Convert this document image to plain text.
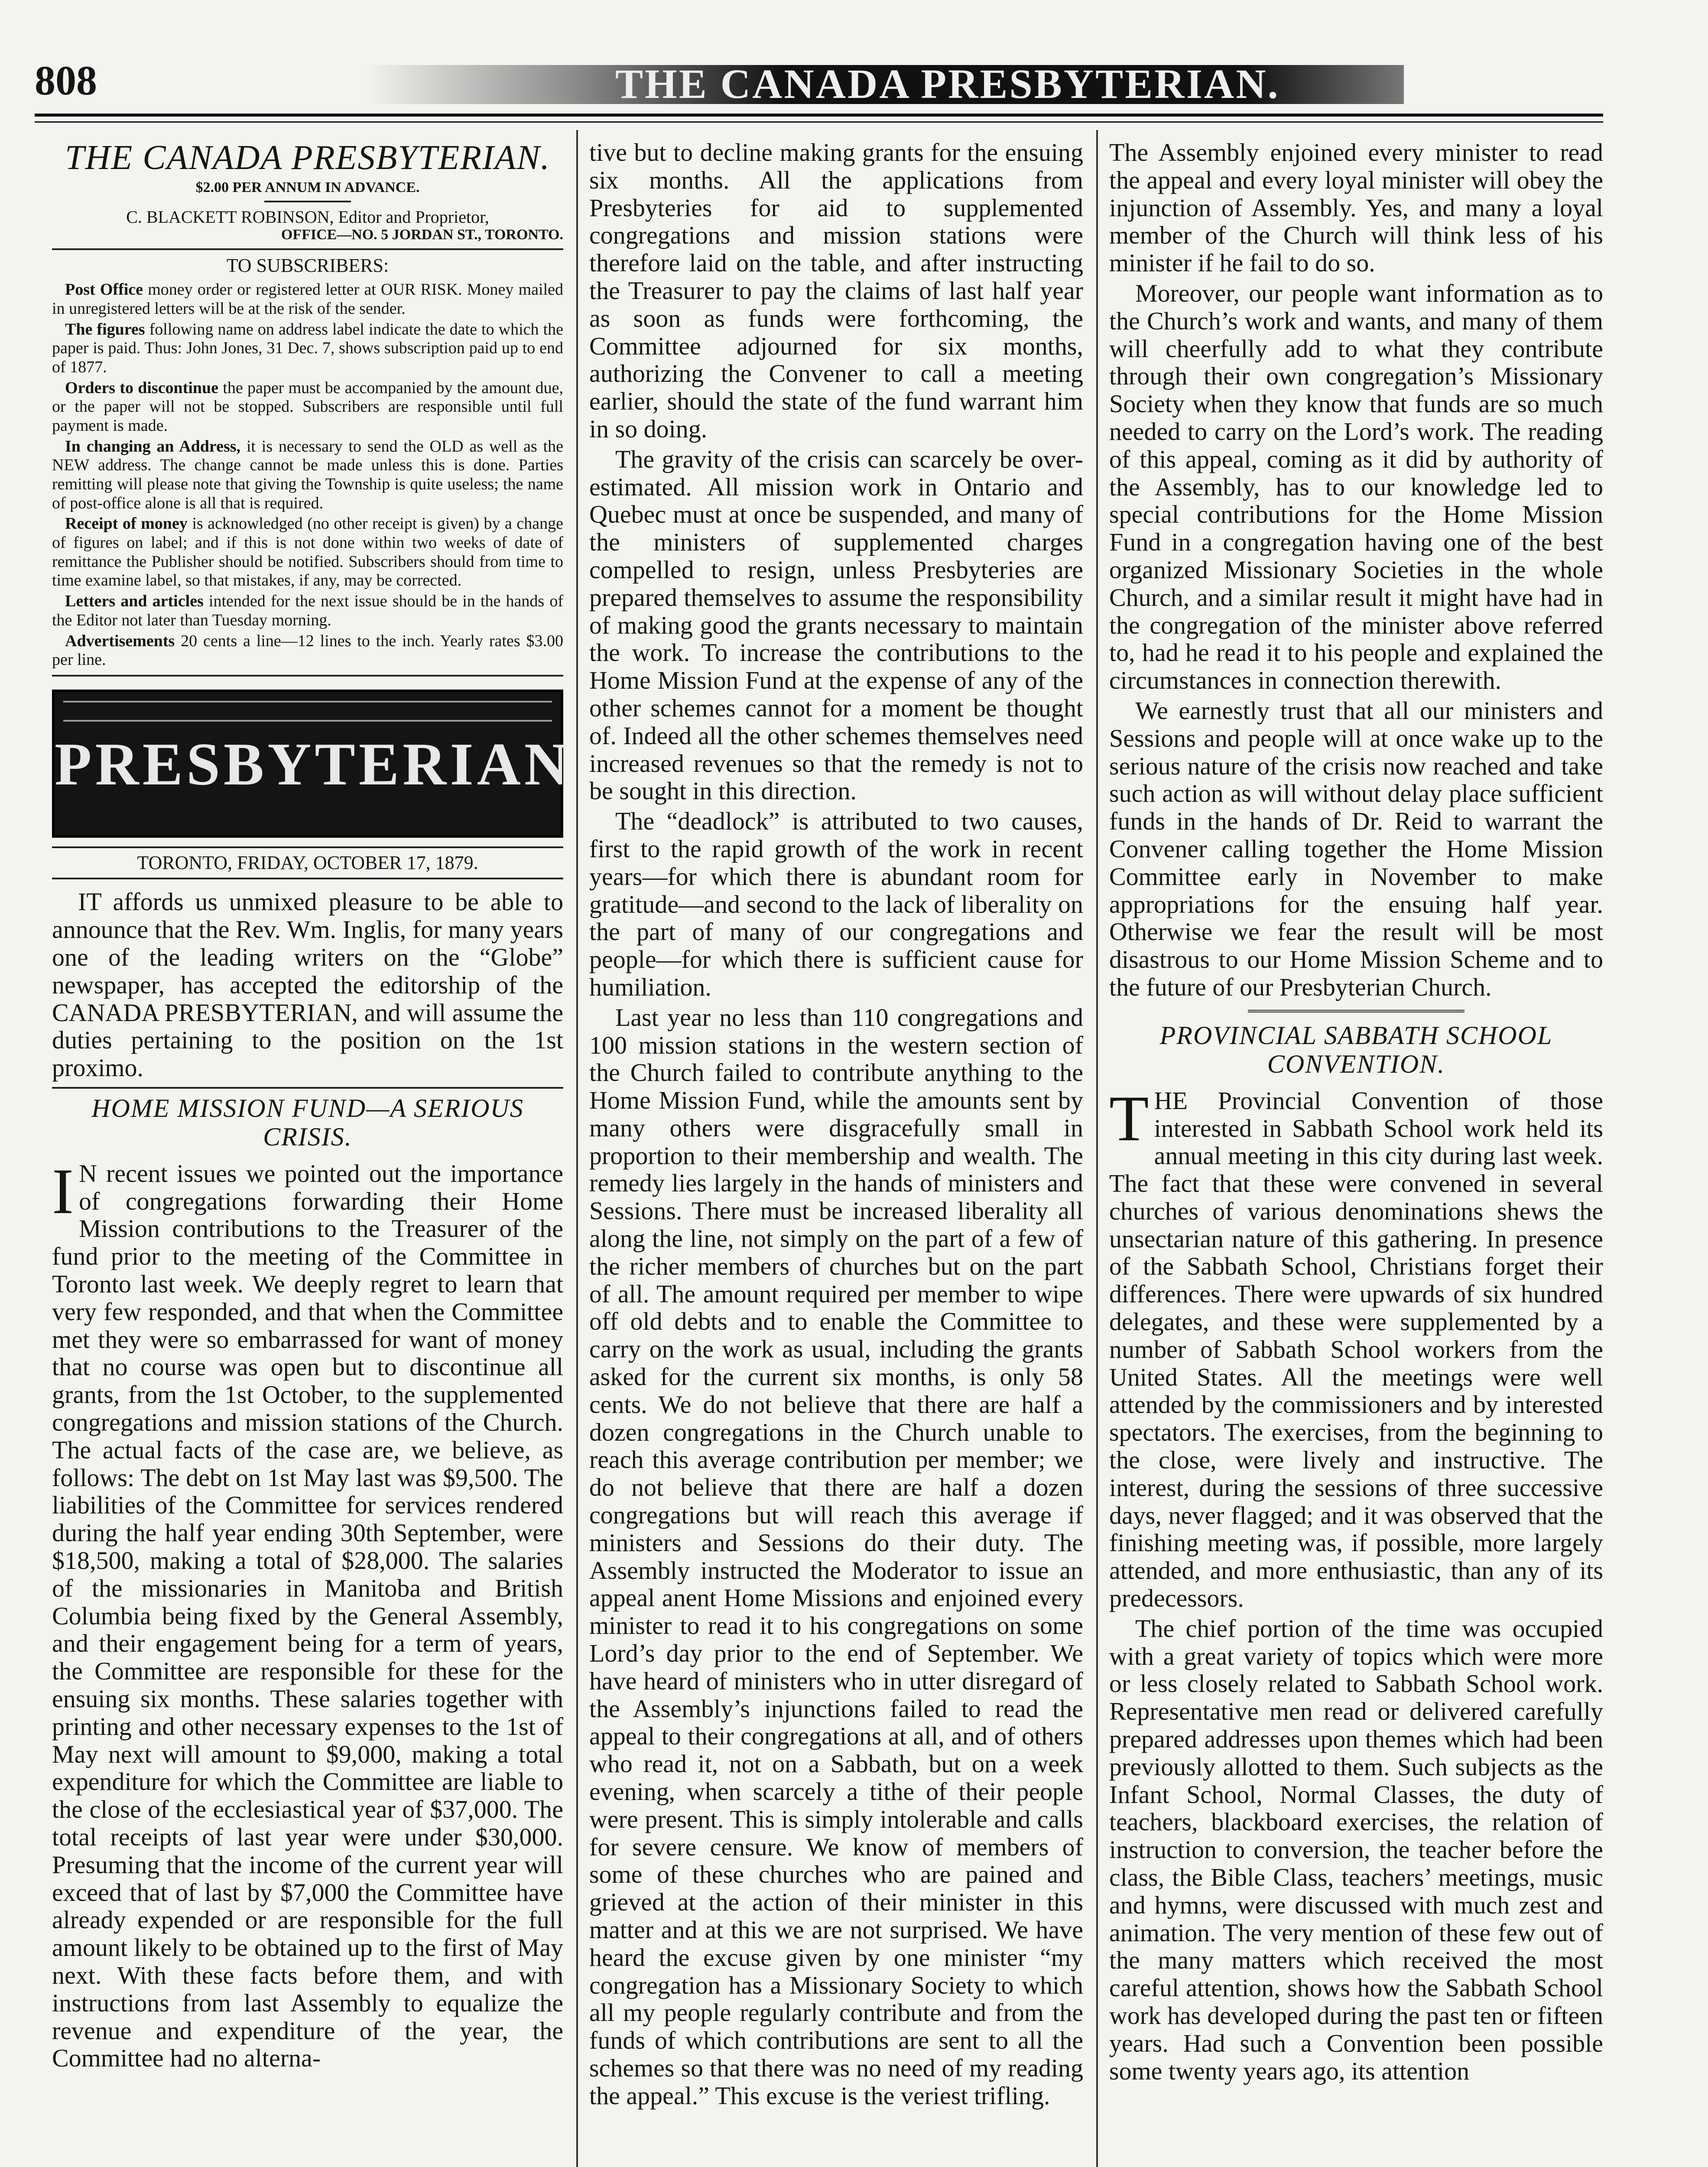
808	THE CANADA PRESBYTERIAN.
THE CANADA PRESBYTERIAN.
$2.00 PER ANNUM IN ADVANCE.
C. BLACKETT ROBINSON, Editor and Proprietor,
OFFICE—NO. 5 JORDAN ST., TORONTO.
TO SUBSCRIBERS:

Post Office money order or registered letter at OUR RISK. Money mailed in unregistered letters will be at the risk of the sender.

The figures following name on address label indicate the date to which the paper is paid. Thus: John Jones, 31 Dec. 7, shows subscription paid up to end of 1877.

Orders to discontinue the paper must be accompanied by the amount due, or the paper will not be stopped. Subscribers are responsible until full payment is made.

In changing an Address, it is necessary to send the OLD as well as the NEW address. The change cannot be made unless this is done. Parties remitting will please note that giving the Township is quite useless; the name of post-office alone is all that is required.

Receipt of money is acknowledged (no other receipt is given) by a change of figures on label; and if this is not done within two weeks of date of remittance the Publisher should be notified. Subscribers should from time to time examine label, so that mistakes, if any, may be corrected.

Letters and articles intended for the next issue should be in the hands of the Editor not later than Tuesday morning.

Advertisements 20 cents a line—12 lines to the inch. Yearly rates $3.00 per line.

PRESBYTERIAN
TORONTO, FRIDAY, OCTOBER 17, 1879.

IT affords us unmixed pleasure to be able to announce that the Rev. Wm. Inglis, for many years one of the leading writers on the “Globe” newspaper, has accepted the editorship of the CANADA PRESBYTERIAN, and will assume the duties pertaining to the position on the 1st proximo.

HOME MISSION FUND—A SERIOUS CRISIS.

I N recent issues we pointed out the importance of congregations forwarding their Home Mission contributions to the Treasurer of the fund prior to the meeting of the Committee in Toronto last week. We deeply regret to learn that very few responded, and that when the Committee met they were so embarrassed for want of money that no course was open but to discontinue all grants, from the 1st October, to the supplemented congregations and mission stations of the Church. The actual facts of the case are, we believe, as follows: The debt on 1st May last was $9,500. The liabilities of the Committee for services rendered during the half year ending 30th September, were $18,500, making a total of $28,000. The salaries of the missionaries in Manitoba and British Columbia being fixed by the General Assembly, and their engagement being for a term of years, the Committee are responsible for these for the ensuing six months. These salaries together with printing and other necessary expenses to the 1st of May next will amount to $9,000, making a total expenditure for which the Committee are liable to the close of the ecclesiastical year of $37,000. The total receipts of last year were under $30,000. Presuming that the income of the current year will exceed that of last by $7,000 the Committee have already expended or are responsible for the full amount likely to be obtained up to the first of May next. With these facts before them, and with instructions from last Assembly to equalize the revenue and expenditure of the year, the Committee had no alterna-

tive but to decline making grants for the ensuing six months. All the applications from Presbyteries for aid to supplemented congregations and mission stations were therefore laid on the table, and after instructing the Treasurer to pay the claims of last half year as soon as funds were forthcoming, the Committee adjourned for six months, authorizing the Convener to call a meeting earlier, should the state of the fund warrant him in so doing.

The gravity of the crisis can scarcely be over-estimated. All mission work in Ontario and Quebec must at once be suspended, and many of the ministers of supplemented charges compelled to resign, unless Presbyteries are prepared themselves to assume the responsibility of making good the grants necessary to maintain the work. To increase the contributions to the Home Mission Fund at the expense of any of the other schemes cannot for a moment be thought of. Indeed all the other schemes themselves need increased revenues so that the remedy is not to be sought in this direction.

The “deadlock” is attributed to two causes, first to the rapid growth of the work in recent years—for which there is abundant room for gratitude—and second to the lack of liberality on the part of many of our congregations and people—for which there is sufficient cause for humiliation.

Last year no less than 110 congregations and 100 mission stations in the western section of the Church failed to contribute anything to the Home Mission Fund, while the amounts sent by many others were disgracefully small in proportion to their membership and wealth. The remedy lies largely in the hands of ministers and Sessions. There must be increased liberality all along the line, not simply on the part of a few of the richer members of churches but on the part of all. The amount required per member to wipe off old debts and to enable the Committee to carry on the work as usual, including the grants asked for the current six months, is only 58 cents. We do not believe that there are half a dozen congregations in the Church unable to reach this average contribution per member; we do not believe that there are half a dozen congregations but will reach this average if ministers and Sessions do their duty. The Assembly instructed the Moderator to issue an appeal anent Home Missions and enjoined every minister to read it to his congregations on some Lord’s day prior to the end of September. We have heard of ministers who in utter disregard of the Assembly’s injunctions failed to read the appeal to their congregations at all, and of others who read it, not on a Sabbath, but on a week evening, when scarcely a tithe of their people were present. This is simply intolerable and calls for severe censure. We know of members of some of these churches who are pained and grieved at the action of their minister in this matter and at this we are not surprised. We have heard the excuse given by one minister “my congregation has a Missionary Society to which all my people regularly contribute and from the funds of which contributions are sent to all the schemes so that there was no need of my reading the appeal.” This excuse is the veriest trifling.

The Assembly enjoined every minister to read the appeal and every loyal minister will obey the injunction of Assembly. Yes, and many a loyal member of the Church will think less of his minister if he fail to do so.

Moreover, our people want information as to the Church’s work and wants, and many of them will cheerfully add to what they contribute through their own congregation’s Missionary Society when they know that funds are so much needed to carry on the Lord’s work. The reading of this appeal, coming as it did by authority of the Assembly, has to our knowledge led to special contributions for the Home Mission Fund in a congregation having one of the best organized Missionary Societies in the whole Church, and a similar result it might have had in the congregation of the minister above referred to, had he read it to his people and explained the circumstances in connection therewith.

We earnestly trust that all our ministers and Sessions and people will at once wake up to the serious nature of the crisis now reached and take such action as will without delay place sufficient funds in the hands of Dr. Reid to warrant the Convener calling together the Home Mission Committee early in November to make appropriations for the ensuing half year. Otherwise we fear the result will be most disastrous to our Home Mission Scheme and to the future of our Presbyterian Church.

PROVINCIAL SABBATH SCHOOL CONVENTION.

THE Provincial Convention of those interested in Sabbath School work held its annual meeting in this city during last week. The fact that these were convened in several churches of various denominations shews the unsectarian nature of this gathering. In presence of the Sabbath School, Christians forget their differences. There were upwards of six hundred delegates, and these were supplemented by a number of Sabbath School workers from the United States. All the meetings were well attended by the commissioners and by interested spectators. The exercises, from the beginning to the close, were lively and instructive. The interest, during the sessions of three successive days, never flagged; and it was observed that the finishing meeting was, if possible, more largely attended, and more enthusiastic, than any of its predecessors.

The chief portion of the time was occupied with a great variety of topics which were more or less closely related to Sabbath School work. Representative men read or delivered carefully prepared addresses upon themes which had been previously allotted to them. Such subjects as the Infant School, Normal Classes, the duty of teachers, blackboard exercises, the relation of instruction to conversion, the teacher before the class, the Bible Class, teachers’ meetings, music and hymns, were discussed with much zest and animation. The very mention of these few out of the many matters which received the most careful attention, shows how the Sabbath School work has developed during the past ten or fifteen years. Had such a Convention been possible some twenty years ago, its attention
